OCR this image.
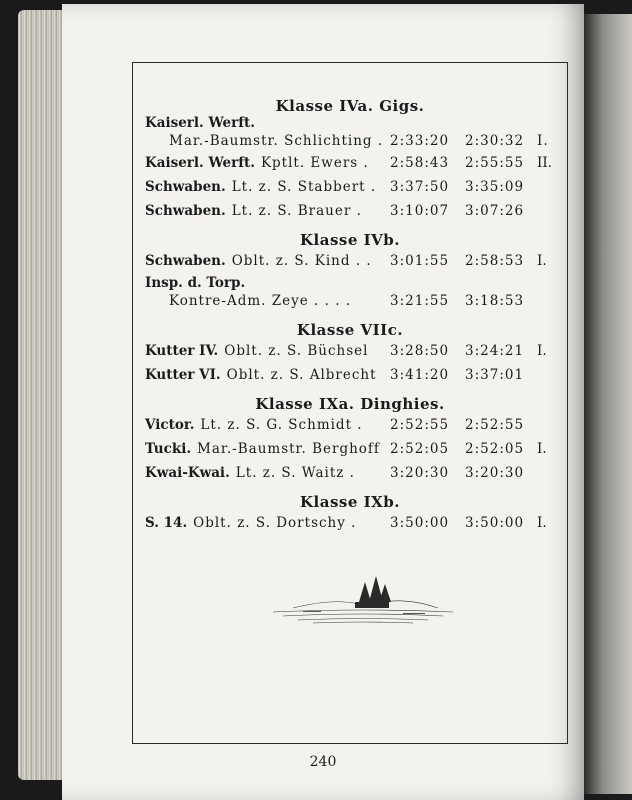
Klasse IVa. Gigs.
Kaiserl. Werft.
Mar.-Baumstr. Schlichting . 2:33:20 2:30:32 I.
Kaiserl. Werft. Kptlt. Ewers . 2:58:43 2:55:55 II.
Schwaben. Lt. z. S. Stabbert . 3:37:50 3:35:09
Schwaben. Lt. z. S. Brauer . 3:10:07 3:07:26
Klasse IVb.
Schwaben. Oblt. z. S. Kind . . 3:01:55 2:58:53 I.
Insp. d. Torp.
Kontre-Adm. Zeye . . . .	3:21:55 3:18:53
Klasse VIIc.
Kutter IV. Oblt. z. S. Büchsel 3:28:50 3:24:21 I.
Kutter VI. Oblt. z. S. Albrecht 3:41:20 3:37:01
Klasse IXa. Dinghies.
Victor. Lt. z. S. G. Schmidt . 2:52:55 2:52:55
Tucki. Mar.-Baumstr. Berghoff 2:52:05 2:52:05 I.
Kwai-Kwai. Lt. z. S. Waitz .	3:20:30 3:20:30
Klasse IXb.
S. 14. Oblt. z. S. Dortschy . 3:50:00 3:50:00 I.
240
